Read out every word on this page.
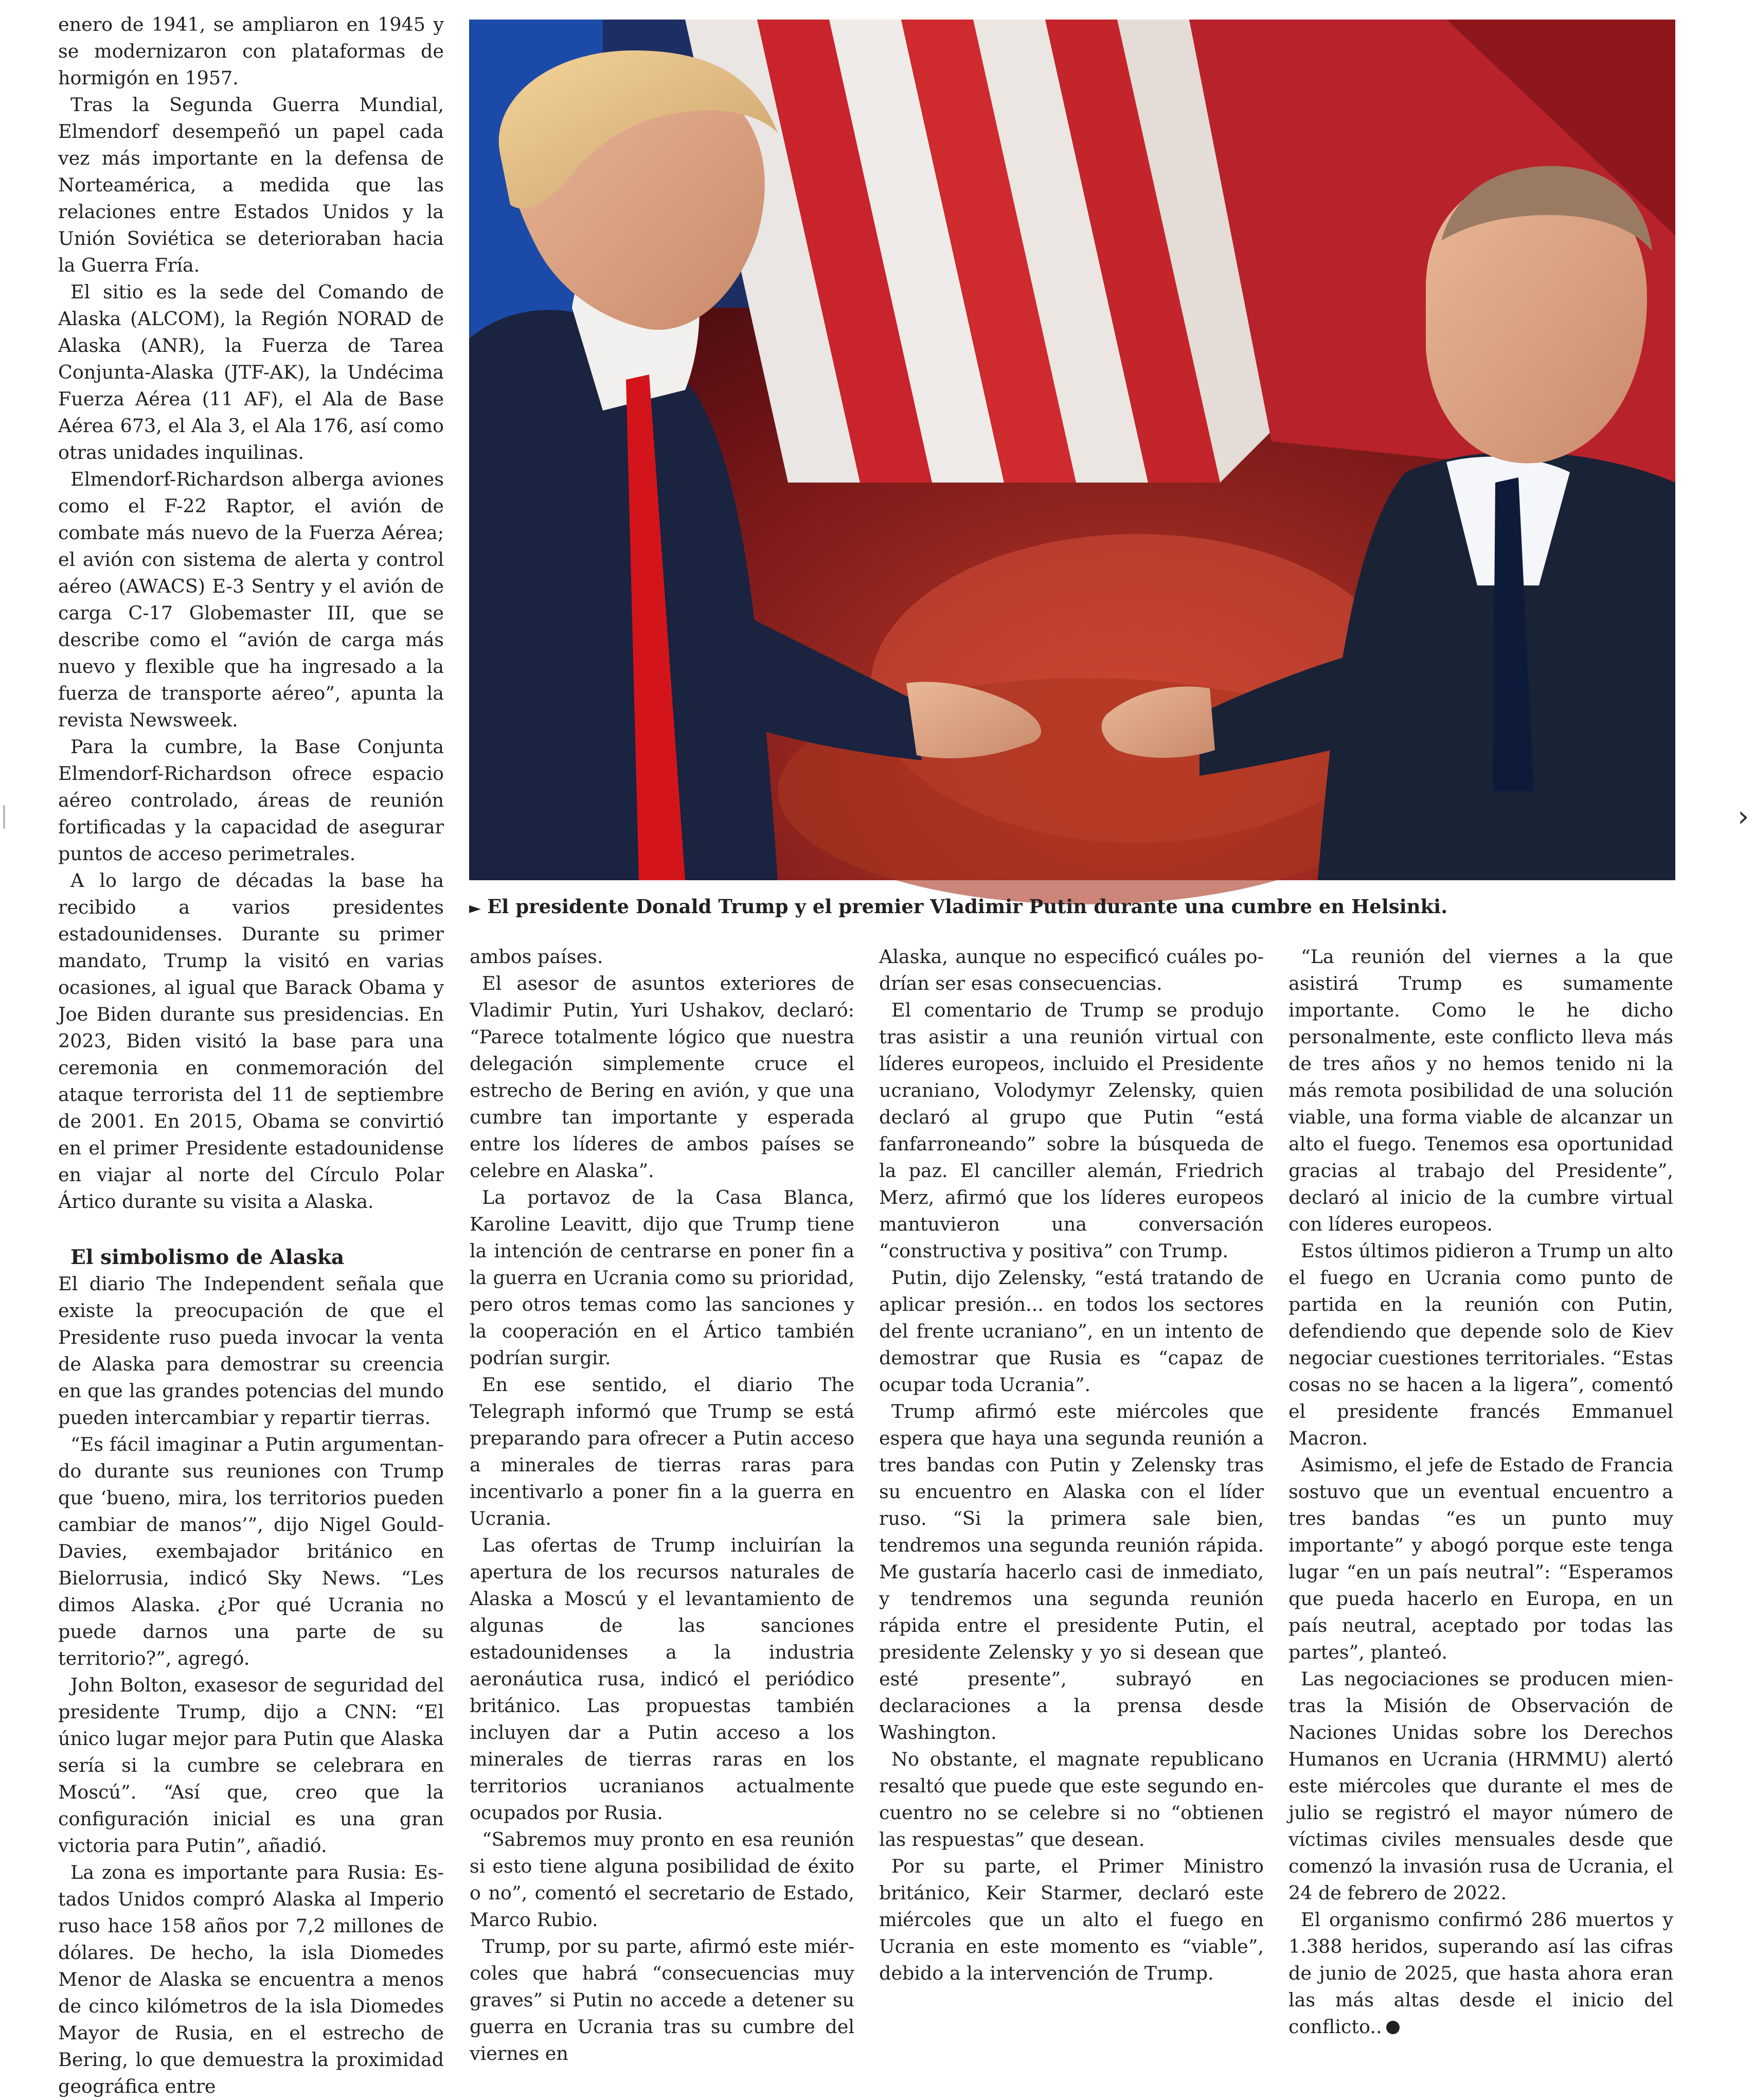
enero de 1941, se ampliaron en 1945 y se modernizaron con plataformas de hormigón en 1957.

Tras la Segunda Guerra Mundial, Elmendorf desempeñó un papel cada vez más importante en la defensa de Norteamérica, a medida que las relaciones entre Estados Unidos y la Unión Soviética se deterioraban hacia la Guerra Fría.

El sitio es la sede del Comando de Alaska (ALCOM), la Región NORAD de Alaska (ANR), la Fuerza de Tarea Conjunta-Alaska (JTF-AK), la Undécima Fuerza Aérea (11 AF), el Ala de Base Aérea 673, el Ala 3, el Ala 176, así como otras unidades inquilinas.

Elmendorf-Richardson alberga aviones como el F-22 Raptor, el avión de combate más nuevo de la Fuerza Aérea; el avión con sistema de alerta y control aéreo (AWACS) E-3 Sentry y el avión de carga C-17 Globemaster III, que se describe como el “avión de carga más nuevo y flexible que ha ingresado a la fuerza de transporte aéreo”, apunta la revista Newsweek.

Para la cumbre, la Base Conjunta Elmendorf-Richardson ofrece espacio aéreo controlado, áreas de reunión fortificadas y la capacidad de asegurar puntos de acceso perimetrales.

A lo largo de décadas la base ha recibido a varios presidentes estadounidenses. Durante su primer mandato, Trump la visitó en varias ocasiones, al igual que Barack Obama y Joe Biden durante sus presidencias. En 2023, Biden visitó la base para una ceremonia en conmemoración del ataque terrorista del 11 de septiembre de 2001. En 2015, Obama se convirtió en el primer Presidente estadounidense en viajar al norte del Círculo Polar Ártico durante su visita a Alaska.

El simbolismo de Alaska

El diario The Independent señala que existe la preocupación de que el Presidente ruso pueda invocar la venta de Alaska para demostrar su creencia en que las grandes potencias del mundo pueden intercambiar y repartir tierras.

“Es fácil imaginar a Putin argumentando durante sus reuniones con Trump que ‘bueno, mira, los territorios pueden cambiar de manos’”, dijo Nigel Gould-Davies, exembajador británico en Bielorrusia, indicó Sky News. “Les dimos Alaska. ¿Por qué Ucrania no puede darnos una parte de su territorio?”, agregó.

John Bolton, exasesor de seguridad del presidente Trump, dijo a CNN: “El único lugar mejor para Putin que Alaska sería si la cumbre se celebrara en Moscú”. “Así que, creo que la configuración inicial es una gran victoria para Putin”, añadió.

La zona es importante para Rusia: Estados Unidos compró Alaska al Imperio ruso hace 158 años por 7,2 millones de dólares. De hecho, la isla Diomedes Menor de Alaska se encuentra a menos de cinco kilómetros de la isla Diomedes Mayor de Rusia, en el estrecho de Bering, lo que demuestra la proximidad geográfica entre

► El presidente Donald Trump y el premier Vladimir Putin durante una cumbre en Helsinki.

ambos países.

El asesor de asuntos exteriores de Vladimir Putin, Yuri Ushakov, declaró: “Parece totalmente lógico que nuestra delegación simplemente cruce el estrecho de Bering en avión, y que una cumbre tan importante y esperada entre los líderes de ambos países se celebre en Alaska”.

La portavoz de la Casa Blanca, Karoline Leavitt, dijo que Trump tiene la intención de centrarse en poner fin a la guerra en Ucrania como su prioridad, pero otros temas como las sanciones y la cooperación en el Ártico también podrían surgir.

En ese sentido, el diario The Telegraph informó que Trump se está preparando para ofrecer a Putin acceso a minerales de tierras raras para incentivarlo a poner fin a la guerra en Ucrania.

Las ofertas de Trump incluirían la apertura de los recursos naturales de Alaska a Moscú y el levantamiento de algunas de las sanciones estadounidenses a la industria aeronáutica rusa, indicó el periódico británico. Las propuestas también incluyen dar a Putin acceso a los minerales de tierras raras en los territorios ucranianos actualmente ocupados por Rusia.

“Sabremos muy pronto en esa reunión si esto tiene alguna posibilidad de éxito o no”, comentó el secretario de Estado, Marco Rubio.

Trump, por su parte, afirmó este miércoles que habrá “consecuencias muy graves” si Putin no accede a detener su guerra en Ucrania tras su cumbre del viernes en

Alaska, aunque no especificó cuáles podrían ser esas consecuencias.

El comentario de Trump se produjo tras asistir a una reunión virtual con líderes europeos, incluido el Presidente ucraniano, Volodymyr Zelensky, quien declaró al grupo que Putin “está fanfarroneando” sobre la búsqueda de la paz. El canciller alemán, Friedrich Merz, afirmó que los líderes europeos mantuvieron una conversación “constructiva y positiva” con Trump.

Putin, dijo Zelensky, “está tratando de aplicar presión... en todos los sectores del frente ucraniano”, en un intento de demostrar que Rusia es “capaz de ocupar toda Ucrania”.

Trump afirmó este miércoles que espera que haya una segunda reunión a tres bandas con Putin y Zelensky tras su encuentro en Alaska con el líder ruso. “Si la primera sale bien, tendremos una segunda reunión rápida. Me gustaría hacerlo casi de inmediato, y tendremos una segunda reunión rápida entre el presidente Putin, el presidente Zelensky y yo si desean que esté presente”, subrayó en declaraciones a la prensa desde Washington.

No obstante, el magnate republicano resaltó que puede que este segundo encuentro no se celebre si no “obtienen las respuestas” que desean.

Por su parte, el Primer Ministro británico, Keir Starmer, declaró este miércoles que un alto el fuego en Ucrania en este momento es “viable”, debido a la intervención de Trump.

“La reunión del viernes a la que asistirá Trump es sumamente importante. Como le he dicho personalmente, este conflicto lleva más de tres años y no hemos tenido ni la más remota posibilidad de una solución viable, una forma viable de alcanzar un alto el fuego. Tenemos esa oportunidad gracias al trabajo del Presidente”, declaró al inicio de la cumbre virtual con líderes europeos.

Estos últimos pidieron a Trump un alto el fuego en Ucrania como punto de partida en la reunión con Putin, defendiendo que depende solo de Kiev negociar cuestiones territoriales. “Estas cosas no se hacen a la ligera”, comentó el presidente francés Emmanuel Macron.

Asimismo, el jefe de Estado de Francia sostuvo que un eventual encuentro a tres bandas “es un punto muy importante” y abogó porque este tenga lugar “en un país neutral”: “Esperamos que pueda hacerlo en Europa, en un país neutral, aceptado por todas las partes”, planteó.

Las negociaciones se producen mientras la Misión de Observación de Naciones Unidas sobre los Derechos Humanos en Ucrania (HRMMU) alertó este miércoles que durante el mes de julio se registró el mayor número de víctimas civiles mensuales desde que comenzó la invasión rusa de Ucrania, el 24 de febrero de 2022.

El organismo confirmó 286 muertos y 1.388 heridos, superando así las cifras de junio de 2025, que hasta ahora eran las más altas desde el inicio del conflicto..

›
